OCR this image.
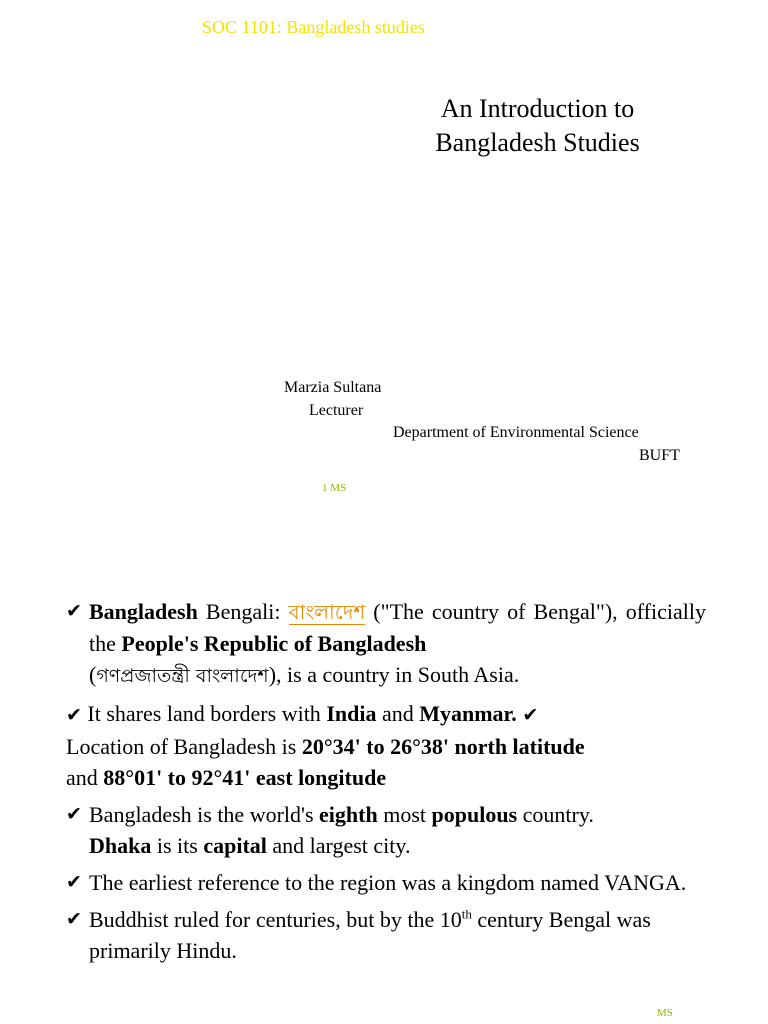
SOC 1101: Bangladesh studies
An Introduction to
Bangladesh Studies
Marzia Sultana
Lecturer
Department of Environmental Science
BUFT
1 MS
✔ Bangladesh Bengali: বাংলাদেশ ("The country of Bengal"), officially the People's Republic of Bangladesh
(গণপ্রজাতন্ত্রী বাংলাদেশ), is a country in South Asia.
✔ It shares land borders with India and Myanmar. ✔
Location of Bangladesh is 20°34' to 26°38' north latitude
and 88°01' to 92°41' east longitude
✔ Bangladesh is the world's eighth most populous country.
Dhaka is its capital and largest city.
✔ The earliest reference to the region was a kingdom named VANGA.
✔ Buddhist ruled for centuries, but by the 10th century Bengal was primarily Hindu.
MS
